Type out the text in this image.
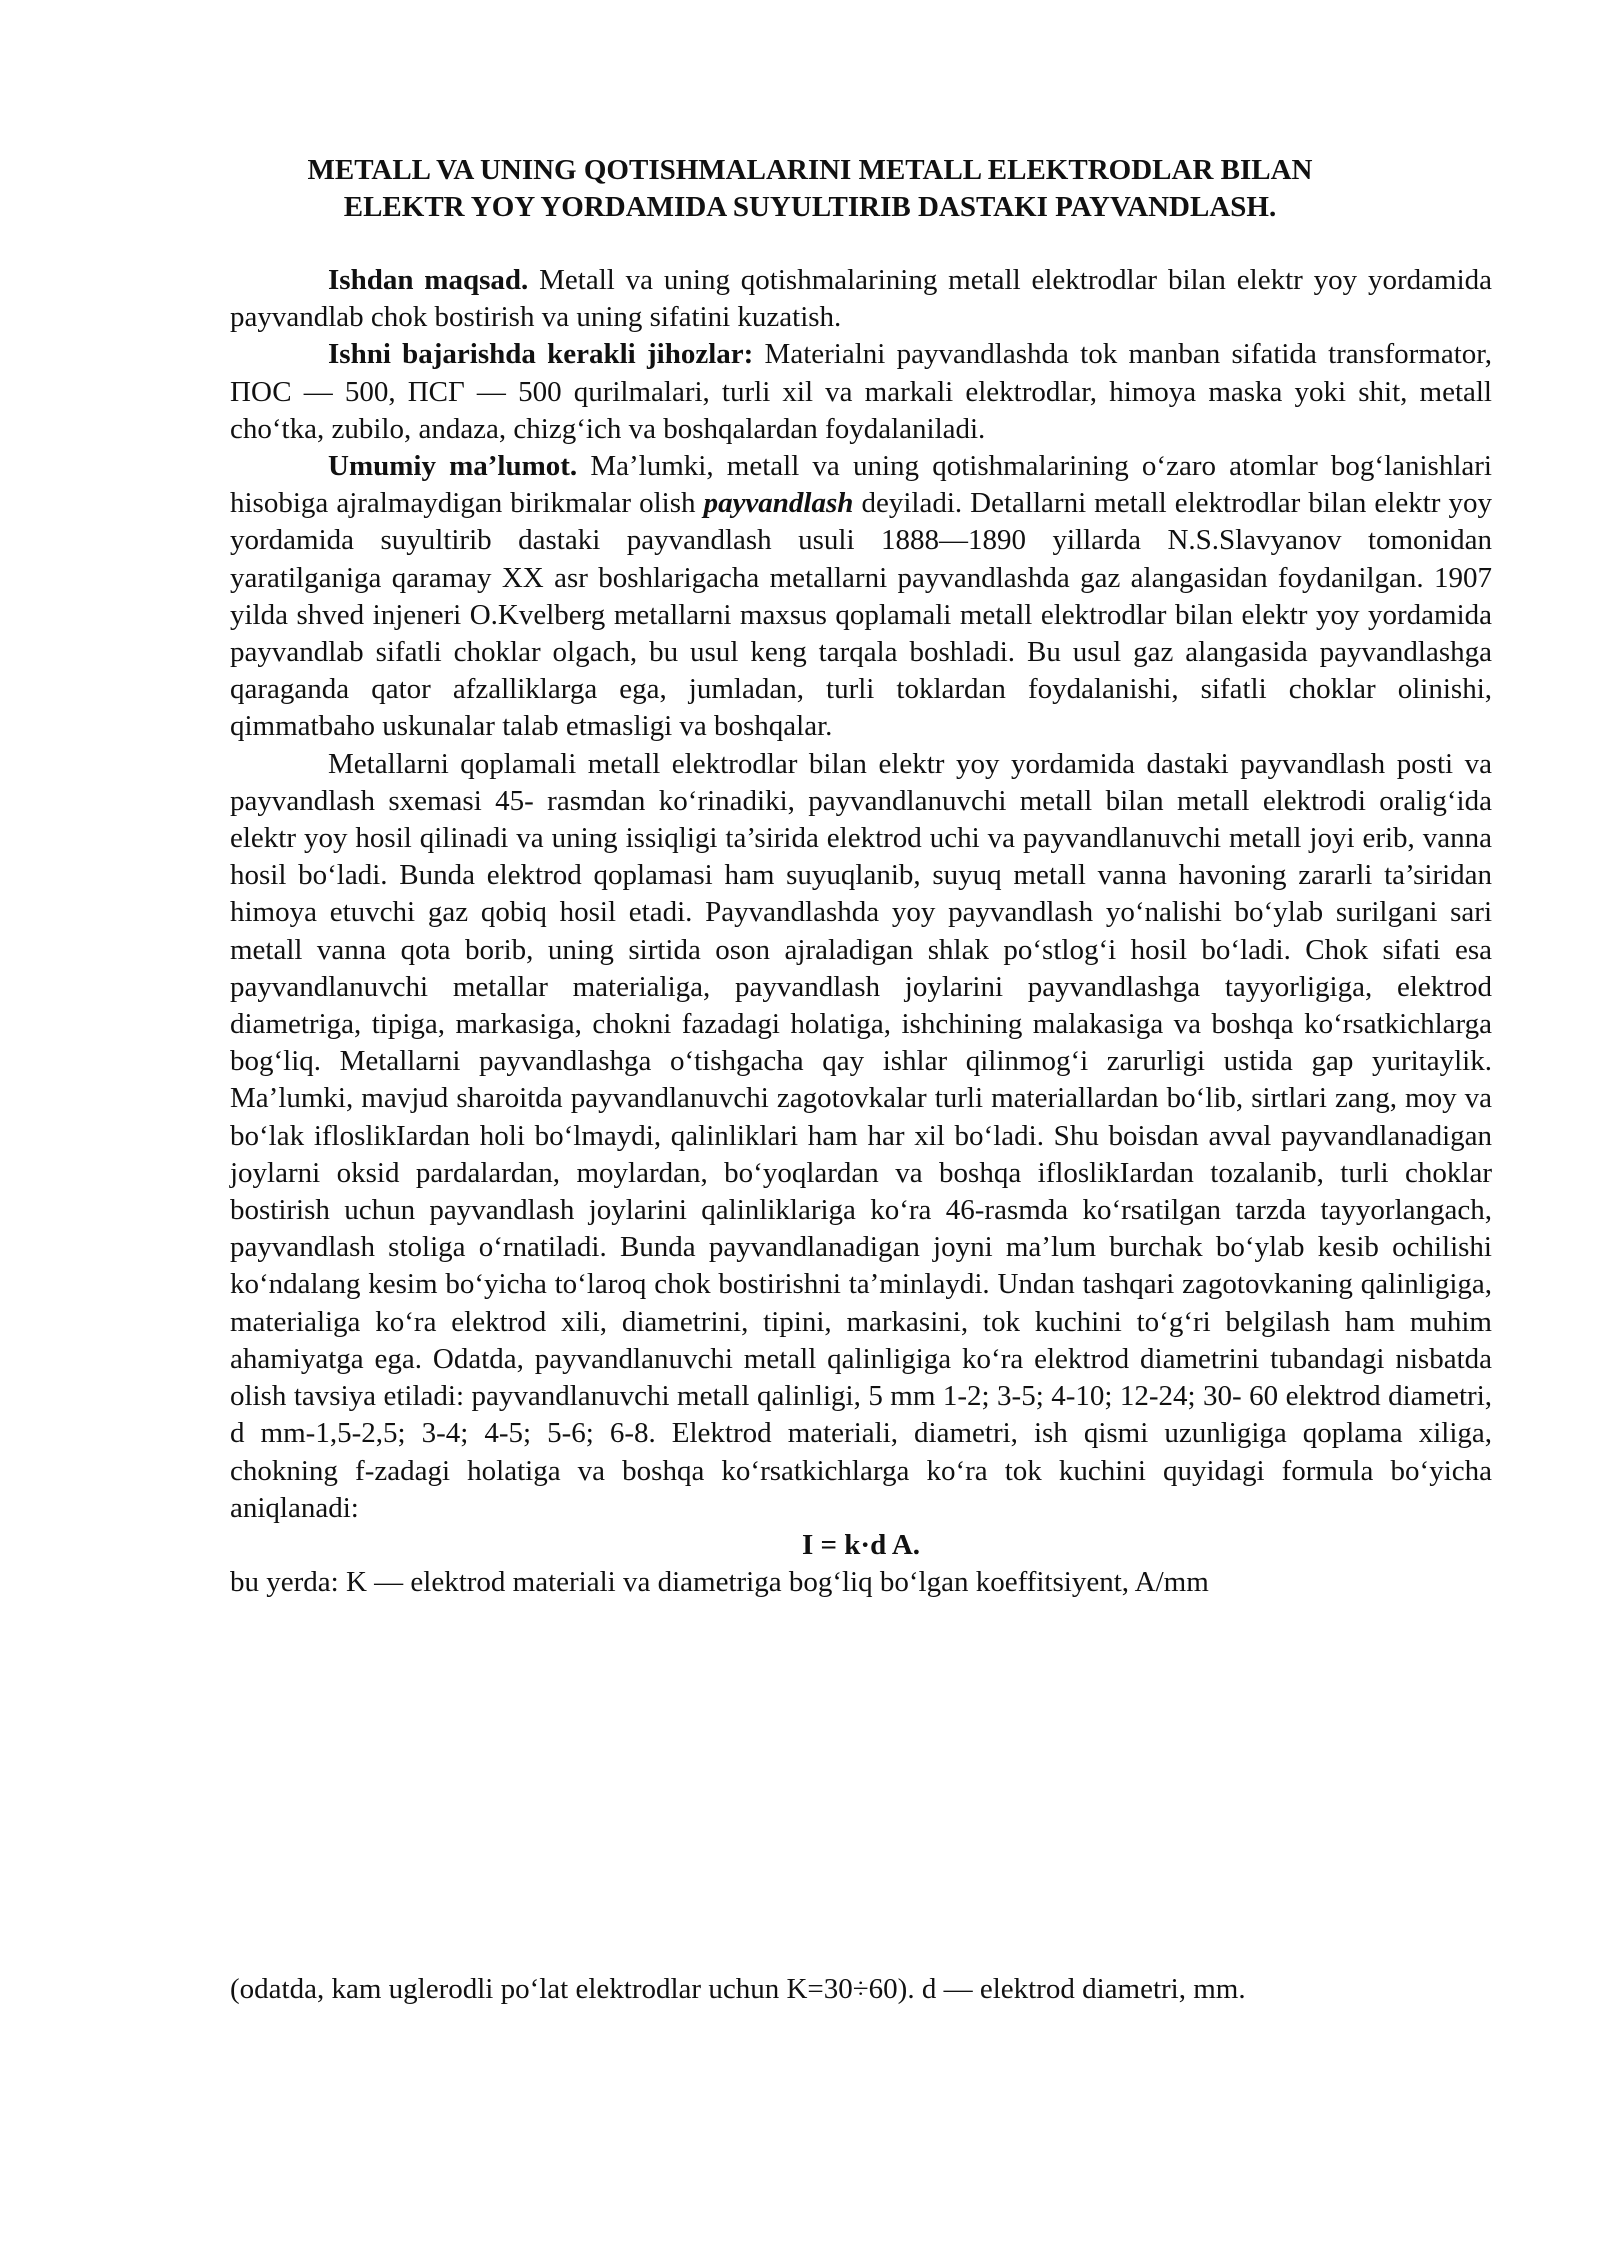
METALL VA UNING QOTISHMALARINI METALL ELEKTRODLAR BILAN
ELEKTR YOY YORDAMIDA SUYULTIRIB DASTAKI PAYVANDLASH.

Ishdan maqsad. Metall va uning qotishmalarining metall elektrodlar bilan elektr yoy yordamida payvandlab chok bostirish va uning sifatini kuzatish.

Ishni bajarishda kerakli jihozlar: Materialni payvandlashda tok manban sifatida transformator,          ПОС — 500, ПСГ — 500 qurilmalari, turli xil va markali elektrodlar, himoya maska yoki shit, metall cho‘tka, zubilo, andaza, chizg‘ich va boshqalardan foydalaniladi.

Umumiy ma’lumot. Ma’lumki, metall va uning qotishmalarining o‘zaro atomlar bog‘lanishlari hisobiga ajralmaydigan birikmalar olish payvandlash deyiladi. Detallarni metall elektrodlar bilan elektr yoy yordamida suyultirib dastaki payvandlash usuli 1888—1890 yillarda N.S.Slavyanov tomonidan yaratilganiga qaramay XX asr boshlarigacha metallarni payvandlashda gaz alangasidan foydanilgan. 1907 yilda shved injeneri O.Kvelberg metallarni maxsus qoplamali metall elektrodlar bilan elektr yoy yordamida payvandlab sifatli choklar olgach, bu usul keng tarqala boshladi. Bu usul gaz alangasida payvandlashga qaraganda qator afzalliklarga ega, jumladan, turli toklardan foydalanishi, sifatli choklar olinishi, qimmatbaho uskunalar talab etmasligi va boshqalar.

Metallarni qoplamali metall elektrodlar bilan elektr yoy yordamida dastaki payvandlash posti va payvandlash sxemasi 45- rasmdan ko‘rinadiki, payvandlanuvchi metall bilan metall elektrodi oralig‘ida elektr yoy hosil qilinadi va uning issiqligi ta’sirida elektrod uchi va payvandlanuvchi metall joyi erib, vanna hosil bo‘ladi. Bunda elektrod qoplamasi ham suyuqlanib, suyuq metall vanna havoning zararli ta’siridan himoya etuvchi gaz qobiq hosil etadi. Payvandlashda yoy payvandlash yo‘nalishi bo‘ylab surilgani sari metall vanna qota borib, uning sirtida oson ajraladigan shlak po‘stlog‘i hosil bo‘ladi. Chok sifati esa payvandlanuvchi metallar materialiga, payvandlash joylarini payvandlashga tayyorligiga, elektrod diametriga, tipiga, markasiga, chokni fazadagi holatiga, ishchining malakasiga va boshqa ko‘rsatkichlarga bog‘liq. Metallarni payvandlashga o‘tishgacha qay ishlar qilinmog‘i zarurligi ustida gap yuritaylik. Ma’lumki, mavjud sharoitda payvandlanuvchi zagotovkalar turli materiallardan bo‘lib, sirtlari zang, moy va bo‘lak ifloslikIardan holi bo‘lmaydi, qalinliklari ham har xil bo‘ladi. Shu boisdan avval payvandlanadigan joylarni oksid pardalardan, moylardan, bo‘yoqlardan va boshqa ifloslikIardan tozalanib, turli choklar bostirish uchun payvandlash joylarini qalinliklariga ko‘ra 46-rasmda ko‘rsatilgan tarzda tayyorlangach, payvandlash stoliga o‘rnatiladi. Bunda payvandlanadigan joyni ma’lum burchak bo‘ylab kesib ochilishi ko‘ndalang kesim bo‘yicha to‘laroq chok bostirishni ta’minlaydi. Undan tashqari zagotovkaning qalinligiga, materialiga ko‘ra elektrod xili, diametrini, tipini, markasini, tok kuchini to‘g‘ri belgilash ham muhim ahamiyatga ega. Odatda, payvandlanuvchi metall qalinligiga ko‘ra elektrod diametrini tubandagi nisbatda olish tavsiya etiladi: payvandlanuvchi metall qalinligi, 5 mm 1-2; 3-5; 4-10; 12-24; 30- 60 elektrod diametri, d mm-1,5-2,5; 3-4; 4-5; 5-6; 6-8. Elektrod materiali, diametri, ish qismi uzunligiga qoplama xiliga, chokning f-zadagi holatiga va boshqa ko‘rsatkichlarga ko‘ra tok kuchini quyidagi formula bo‘yicha aniqlanadi:

I = k·d A.

bu yerda: K — elektrod materiali va diametriga bog‘liq bo‘lgan koeffitsiyent, A/mm

(odatda, kam uglerodli po‘lat elektrodlar uchun K=30÷60). d — elektrod diametri, mm.
